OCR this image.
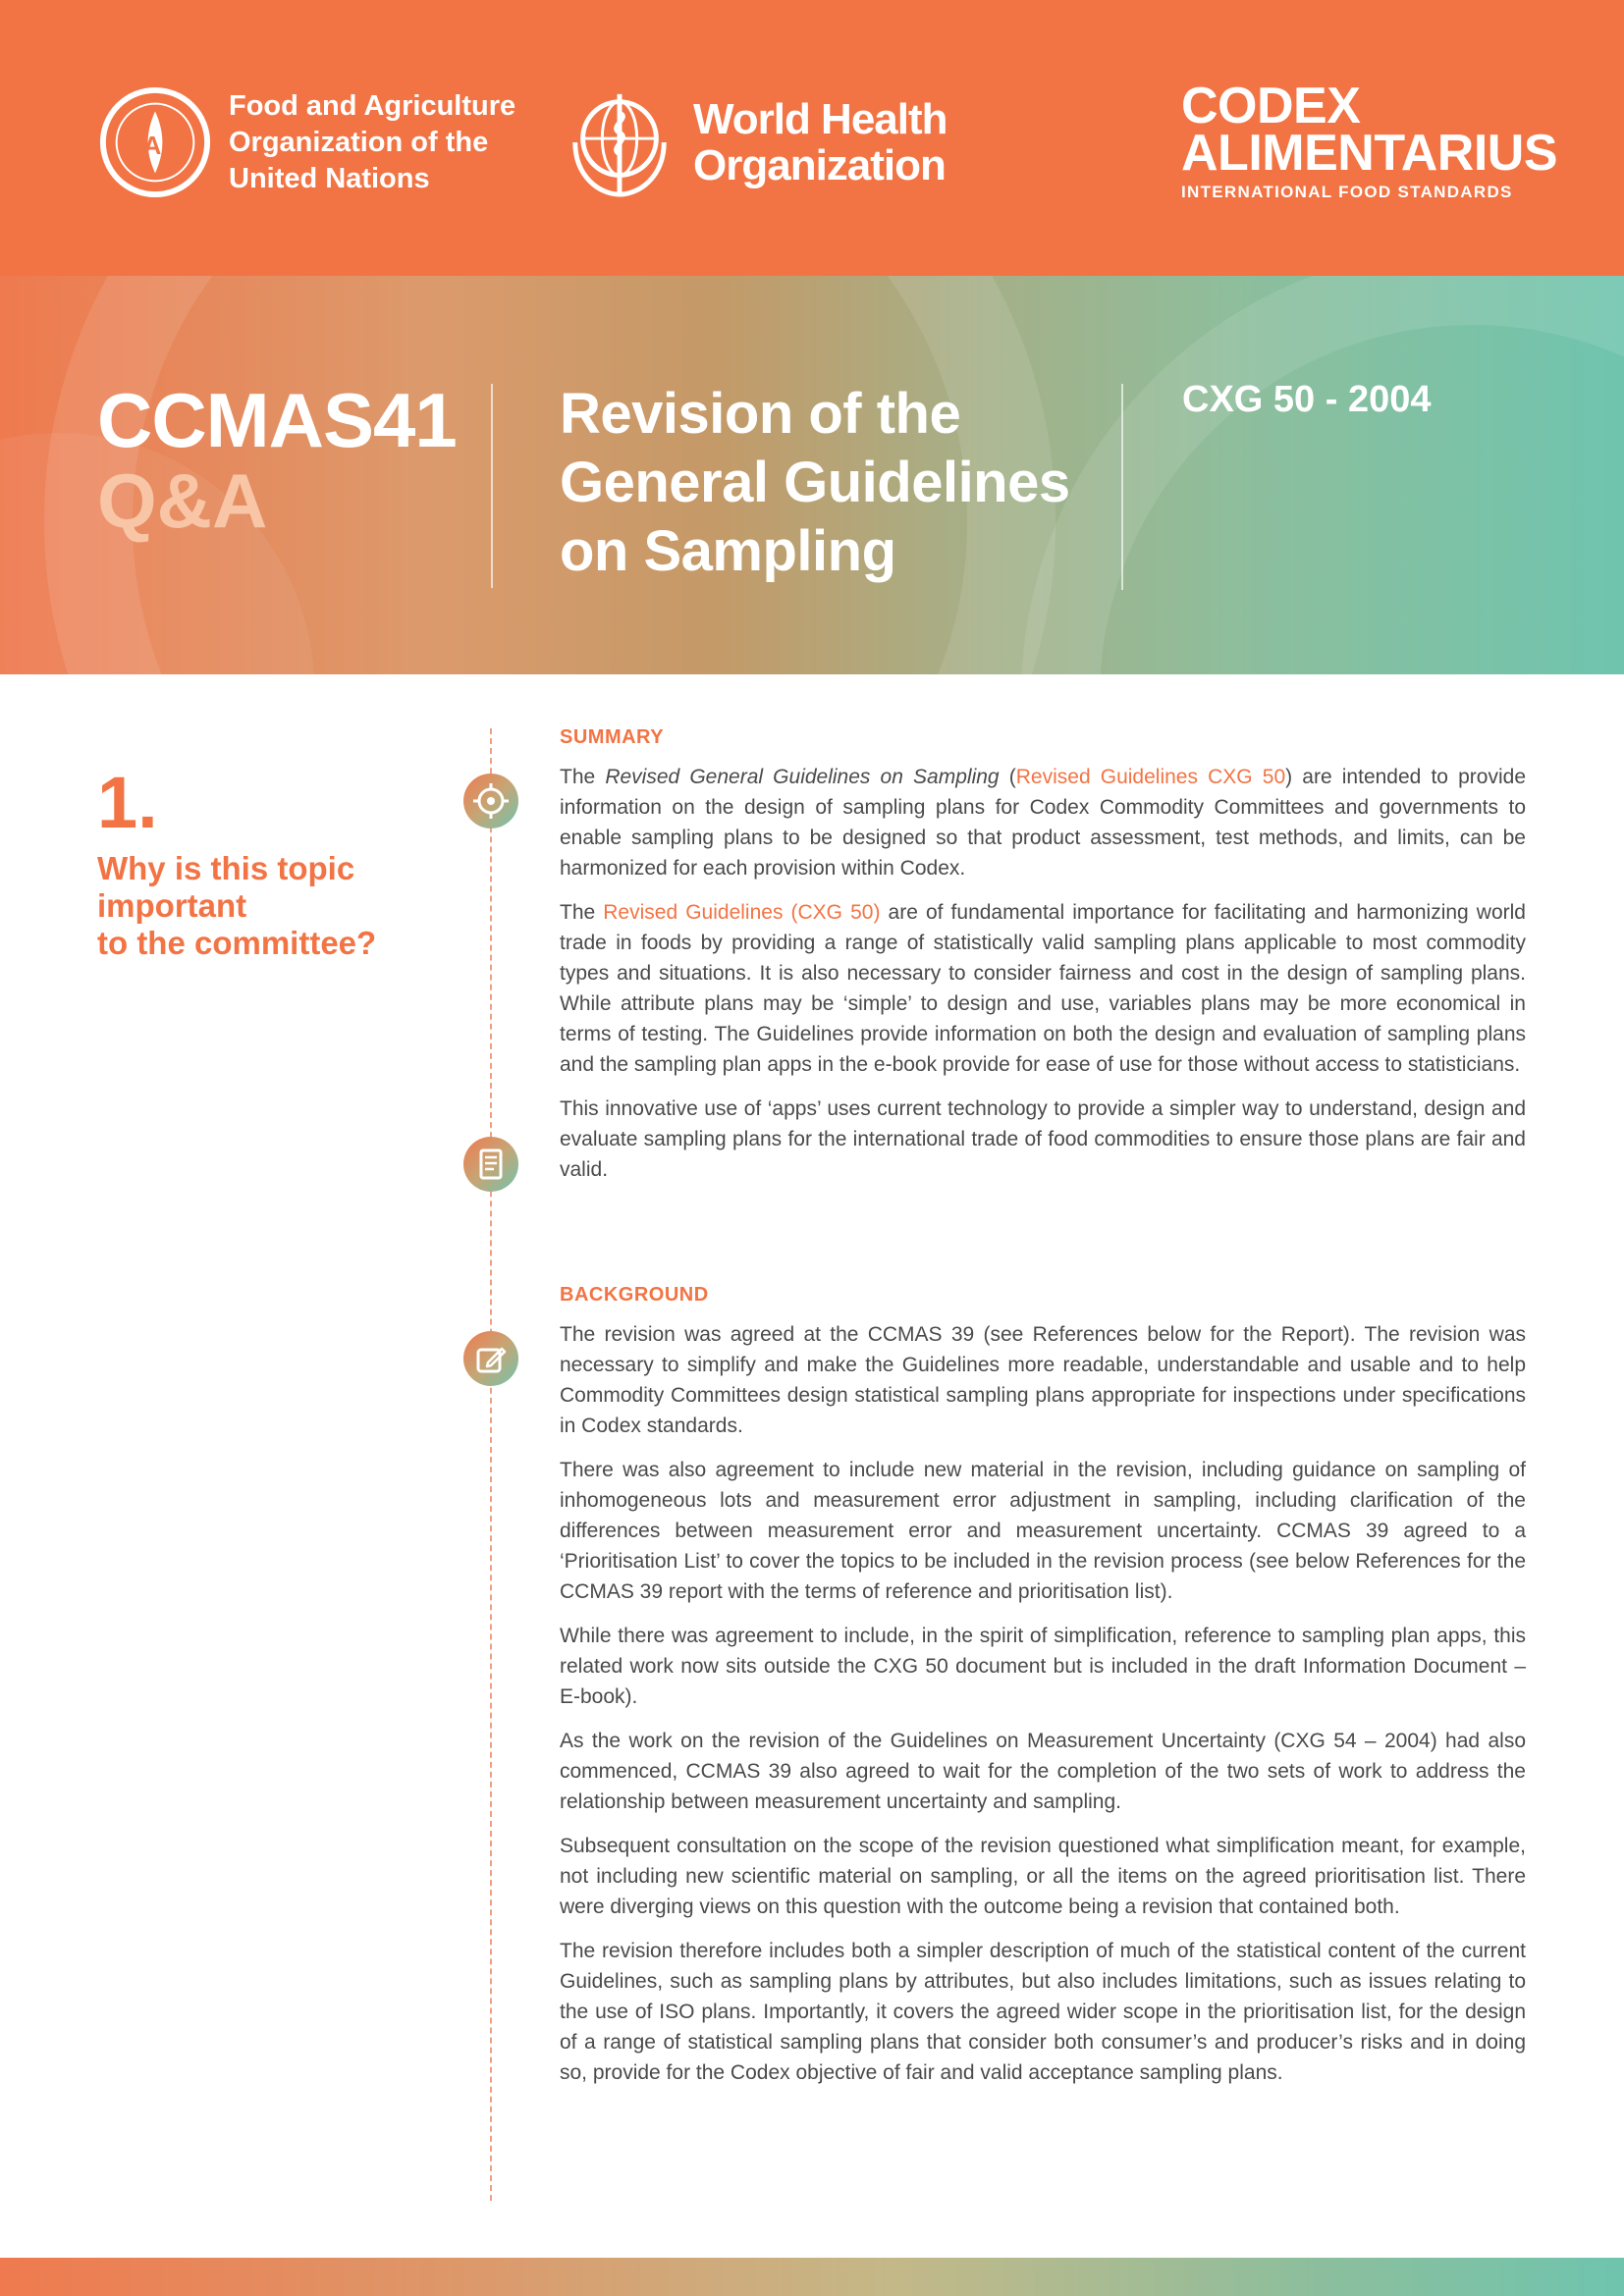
FAO
Food and Agriculture
Organization of the
United Nations
World Health
Organization
CODEX
ALIMENTARIUS
INTERNATIONAL FOOD STANDARDS
CCMAS41
Q&A
Revision of the
General Guidelines
on Sampling
CXG 50 - 2004
1.
Why is this topic
important
to the committee?
SUMMARY

The Revised General Guidelines on Sampling (Revised Guidelines CXG 50) are intended to provide information on the design of sampling plans for Codex Commodity Committees and governments to enable sampling plans to be designed so that product assessment, test methods, and limits, can be harmonized for each provision within Codex.

The Revised Guidelines (CXG 50) are of fundamental importance for facilitating and harmonizing world trade in foods by providing a range of statistically valid sampling plans applicable to most commodity types and situations. It is also necessary to consider fairness and cost in the design of sampling plans. While attribute plans may be ‘simple’ to design and use, variables plans may be more economical in terms of testing. The Guidelines provide information on both the design and evaluation of sampling plans and the sampling plan apps in the e-book provide for ease of use for those without access to statisticians.

This innovative use of ‘apps’ uses current technology to provide a simpler way to understand, design and evaluate sampling plans for the international trade of food commodities to ensure those plans are fair and valid.

BACKGROUND

The revision was agreed at the CCMAS 39 (see References below for the Report). The revision was necessary to simplify and make the Guidelines more readable, understandable and usable and to help Commodity Committees design statistical sampling plans appropriate for inspections under specifications in Codex standards.

There was also agreement to include new material in the revision, including guidance on sampling of inhomogeneous lots and measurement error adjustment in sampling, including clarification of the differences between measurement error and measurement uncertainty. CCMAS 39 agreed to a ‘Prioritisation List’ to cover the topics to be included in the revision process (see below References for the CCMAS 39 report with the terms of reference and prioritisation list).

While there was agreement to include, in the spirit of simplification, reference to sampling plan apps, this related work now sits outside the CXG 50 document but is included in the draft Information Document – E-book).

As the work on the revision of the Guidelines on Measurement Uncertainty (CXG 54 – 2004) had also commenced, CCMAS 39 also agreed to wait for the completion of the two sets of work to address the relationship between measurement uncertainty and sampling.

Subsequent consultation on the scope of the revision questioned what simplification meant, for example, not including new scientific material on sampling, or all the items on the agreed prioritisation list. There were diverging views on this question with the outcome being a revision that contained both.

The revision therefore includes both a simpler description of much of the statistical content of the current Guidelines, such as sampling plans by attributes, but also includes limitations, such as issues relating to the use of ISO plans. Importantly, it covers the agreed wider scope in the prioritisation list, for the design of a range of statistical sampling plans that consider both consumer’s and producer’s risks and in doing so, provide for the Codex objective of fair and valid acceptance sampling plans.
